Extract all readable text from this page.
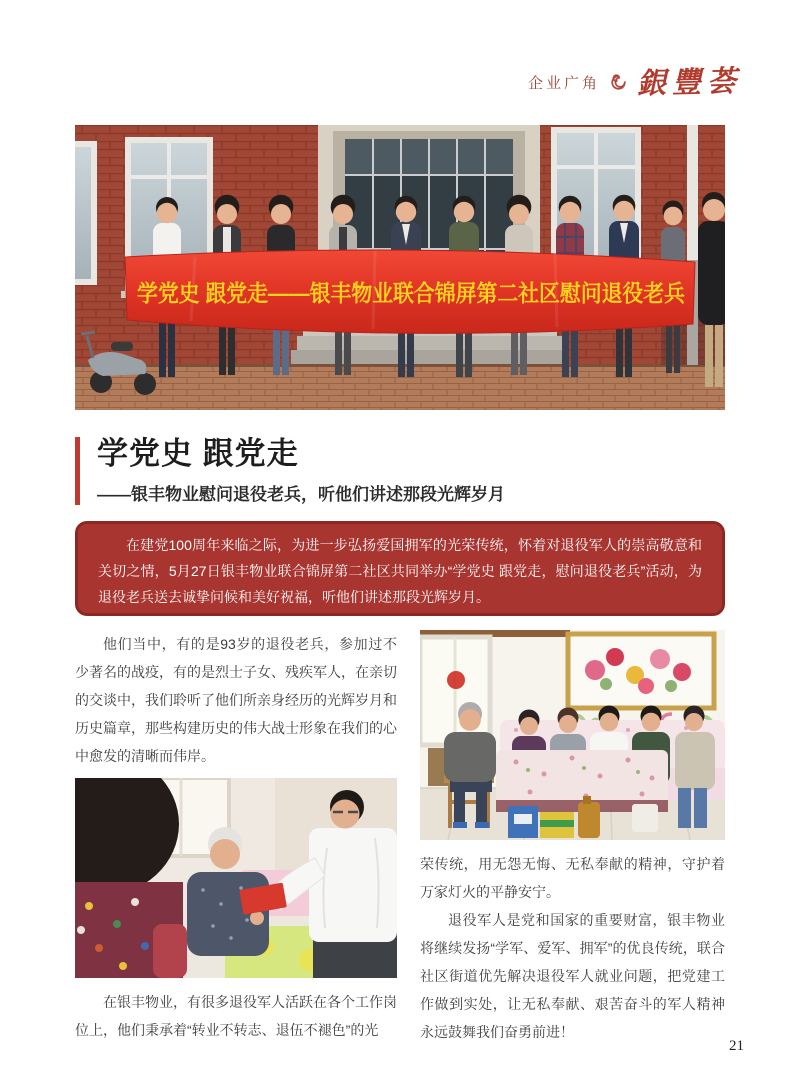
企业广角 銀豐荟
学党史 跟党走——银丰物业联合锦屏第二社区慰问退役老兵
学党史 跟党走
——银丰物业慰问退役老兵，听他们讲述那段光辉岁月
在建党100周年来临之际，为进一步弘扬爱国拥军的光荣传统，怀着对退役军人的崇高敬意和关切之情，5月27日银丰物业联合锦屏第二社区共同举办“学党史 跟党走，慰问退役老兵”活动，为退役老兵送去诚挚问候和美好祝福，听他们讲述那段光辉岁月。

他们当中，有的是93岁的退役老兵，参加过不少著名的战疫，有的是烈士子女、残疾军人，在亲切的交谈中，我们聆听了他们所亲身经历的光辉岁月和历史篇章，那些构建历史的伟大战士形象在我们的心中愈发的清晰而伟岸。

在银丰物业，有很多退役军人活跃在各个工作岗位上，他们秉承着“转业不转志、退伍不褪色”的光

荣传统，用无怨无悔、无私奉献的精神，守护着万家灯火的平静安宁。

退役军人是党和国家的重要财富，银丰物业将继续发扬“学军、爱军、拥军”的优良传统，联合社区街道优先解决退役军人就业问题，把党建工作做到实处，让无私奉献、艰苦奋斗的军人精神永远鼓舞我们奋勇前进！

21
